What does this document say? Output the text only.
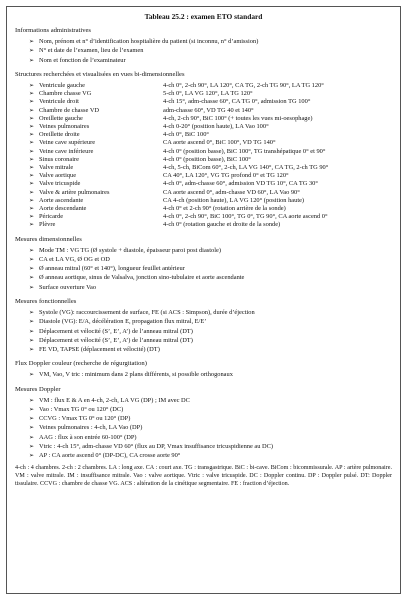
Tableau 25.2 : examen ETO standard
Informations administratives
➢ Nom, prénom et n° d’identification hospitalière du patient (si inconnu, n° d’amission)
➢ N° et date de l’examen, lieu de l’examen
➢ Nom et fonction de l’examinateur
Structures recherchées et visualisées en vues bi-dimensionnelles
➢ Ventricule gauche	4-ch 0°, 2-ch 90°, LA 120°, CA TG, 2-ch TG 90°, LA TG 120°
➢ Chambre chasse VG	5-ch 0°, LA VG 120°, LA TG 120°
➢ Ventricule droit	4-ch 15°, adm-chasse 60°, CA TG 0°, admission TG 100°
➢ Chambre de chasse VD	adm-chasse 60°, VD TG 40 et 140°
➢ Oreillette gauche	4-ch, 2-ch 90°, BiC 100° (+ toutes les vues mi-oesophage)
➢ Veines pulmonaires	4-ch 0-20° (position haute), LA Vao 100°
➢ Oreillette droite	4-ch 0°, BiC 100°
➢ Veine cave supérieure	CA aorte ascend 0°, BiC 100°, VD TG 140°
➢ Veine cave inférieure	4-ch 0° (position basse), BiC 100°, TG transhépatique 0° et 90°
➢ Sinus coronaire	4-ch 0° (position basse), BiC 100°
➢ Valve mitrale	4-ch, 5-ch, BiCom 60°, 2-ch, LA VG 140°, CA TG, 2-ch TG 90°
➢ Valve aortique	CA 40°, LA 120°, VG TG profond 0° et TG 120°
➢ Valve tricuspide	4-ch 0°, adm-chasse 60°, admission VD TG 10°, CA TG 30°
➢ Valve & artère pulmonaires	CA aorte ascend 0°, adm-chasse VD 60°, LA Vao 90°
➢ Aorte ascendante	CA 4-ch (position haute), LA VG 120° (position haute)
➢ Aorte descendante	4-ch 0° et 2-ch 90° (rotation arrière de la sonde)
➢ Péricarde	4-ch 0°, 2-ch 90°, BiC 100°, TG 0°, TG 90°, CA aorte ascend 0°
➢ Plèvre	4-ch 0° (rotation gauche et droite de la sonde)
Mesures dimensionnelles
➢ Mode TM : VG TG (Ø systole + diastole, épaisseur paroi post diastole)
➢ CA et LA VG, Ø OG et OD
➢ Ø anneau mitral (60° et 140°), longueur feuillet antérieur
➢ Ø anneau aortique, sinus de Valsalva, jonction sino-tubulaire et aorte ascendante
➢ Surface ouverture Vao
Mesures fonctionnelles
➢ Systole (VG): raccourcissement de surface, FE (si ACS : Simpson), durée d’éjection
➢ Diastole (VG): E/A, décélération E, propagation flux mitral, E/E’
➢ Déplacement et vélocité (S’, E’, A’) de l’anneau mitral (DT)
➢ Déplacement et vélocité (S’, E’, A’) de l’anneau mitral (DT)
➢ FE VD, TAPSE (déplacement et vélocité) (DT)
Flux Doppler couleur (recherche de régurgitation)
➢ VM, Vao, V tric : minimum dans 2 plans différents, si possible orthogonaux
Mesures Doppler
➢ VM : flux E & A en 4-ch, 2-ch, LA VG (DP) ; IM avec DC
➢ Vao : Vmax TG 0° ou 120° (DC)
➢ CCVG : Vmax TG 0° ou 120° (DP)
➢ Veines pulmonaires : 4-ch, LA Vao (DP)
➢ AAG : flux à son entrée 60-100° (DP)
➢ Vtric : 4-ch 15°, adm-chasse VD 60° (flux au DP, Vmax insuffisance tricuspidienne au DC)
➢ AP : CA aorte ascend 0° (DP-DC), CA crosse aorte 90°
4-ch : 4 chambres. 2-ch : 2 chambres. LA : long axe. CA : court axe. TG : transgastrique. BiC : bi-cave. BiCom : bicommissurale. AP : artère pulmonaire. VM : valve mitrale. IM : insuffisance mitrale. Vao : valve aortique. Vtric : valve tricuspide. DC : Doppler continu. DP : Doppler pulsé. DT: Doppler tissulaire. CCVG : chambre de chasse VG. ACS : altération de la cinétique segmentaire. FE : fraction d’éjection.
